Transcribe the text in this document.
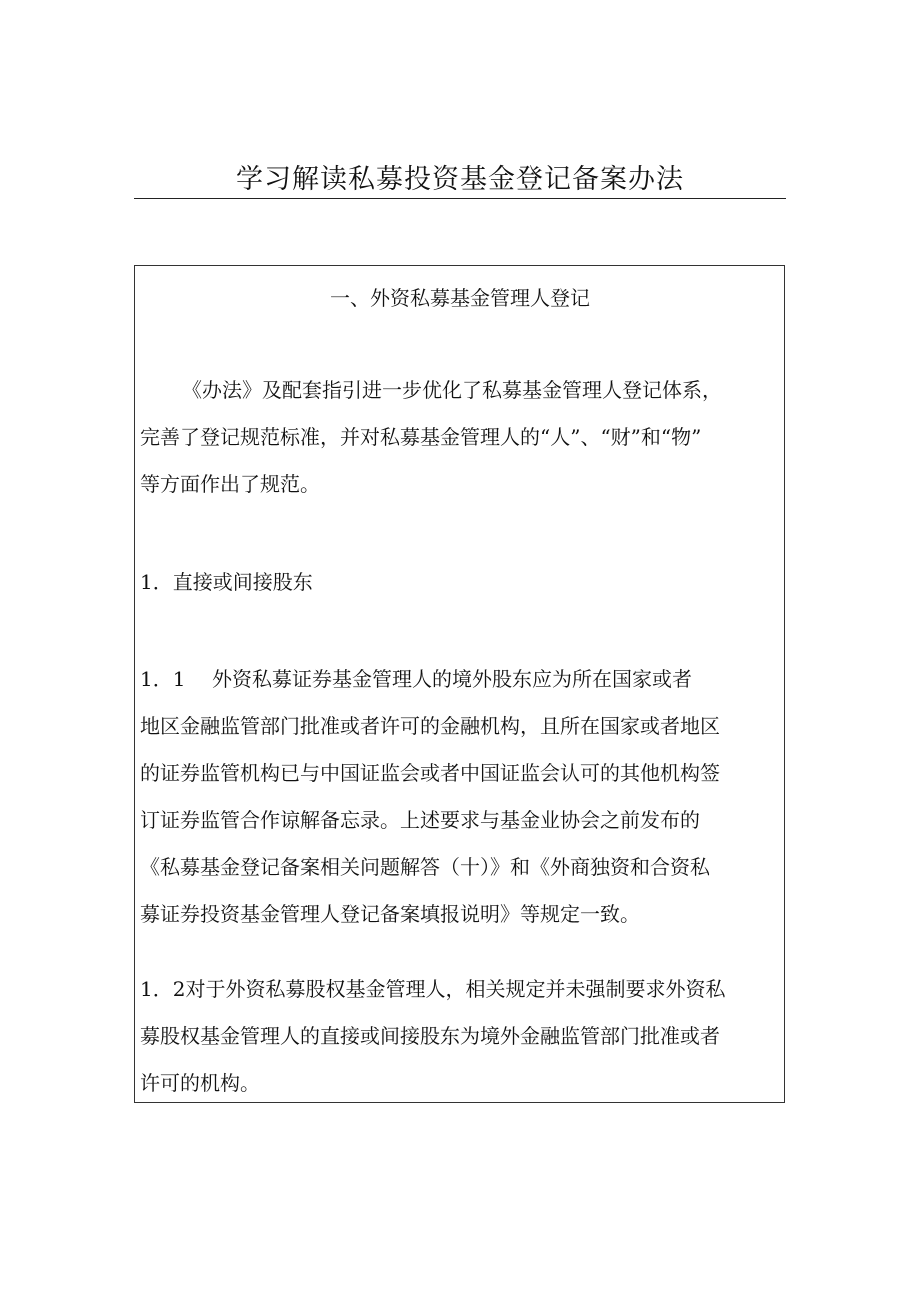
学习解读私募投资基金登记备案办法
一、外资私募基金管理人登记

《办法》及配套指引进一步优化了私募基金管理人登记体系，
完善了登记规范标准，并对私募基金管理人的“人”、“财”和“物”
等方面作出了规范。

1．直接或间接股东

1．1 外资私募证券基金管理人的境外股东应为所在国家或者
地区金融监管部门批准或者许可的金融机构，且所在国家或者地区
的证券监管机构已与中国证监会或者中国证监会认可的其他机构签
订证券监管合作谅解备忘录。上述要求与基金业协会之前发布的
《私募基金登记备案相关问题解答（十）》和《外商独资和合资私
募证券投资基金管理人登记备案填报说明》等规定一致。

1．2对于外资私募股权基金管理人，相关规定并未强制要求外资私
募股权基金管理人的直接或间接股东为境外金融监管部门批准或者
许可的机构。
